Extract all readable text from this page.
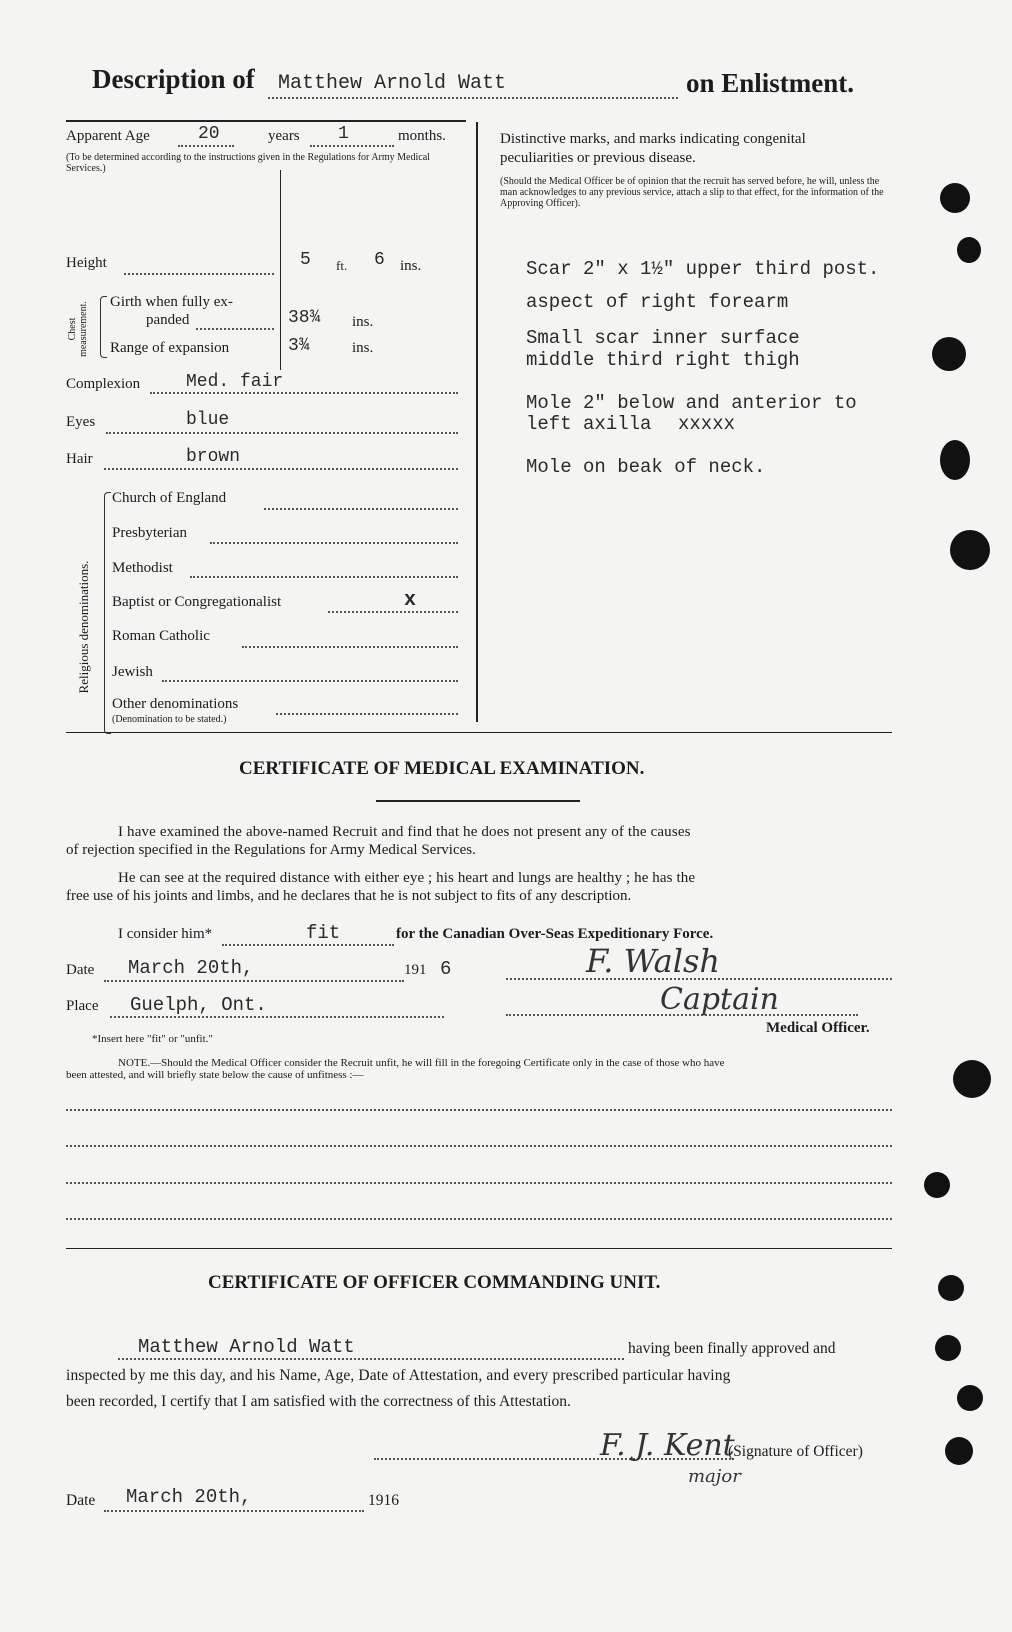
Description of Matthew Arnold Watt	on Enlistment.
Apparent Age	20	years 1	months.
(To be determined according to the instructions given in the Regulations for Army Medical Services.)
Height	5 ft. 6 ins.
Chest measurement. Girth when fully ex-
panded	38¾ ins.
Range of expansion	3¾	ins.
Complexion	Med. fair
Eyes	blue
Hair	brown
Religious denominations.
Church of England
Presbyterian
Methodist
Baptist or Congregationalist	x
Roman Catholic
Jewish
Other denominations
(Denomination to be stated.)
Distinctive marks, and marks indicating congenital
peculiarities or previous disease.
(Should the Medical Officer be of opinion that the recruit has served before, he will, unless the man acknowledges to any previous service, attach a slip to that effect, for the information of the Approving Officer).
Scar 2" x 1½" upper third post.
aspect of right forearm
Small scar inner surface
middle third right thigh
Mole 2" below and anterior to
left axilla xxxxx
Mole on beak of neck.
CERTIFICATE OF MEDICAL EXAMINATION.
I have examined the above-named Recruit and find that he does not present any of the causes
of rejection specified in the Regulations for Army Medical Services.
He can see at the required distance with either eye ; his heart and lungs are healthy ; he has the
free use of his joints and limbs, and he declares that he is not subject to fits of any description.
I consider him*	fit	for the Canadian Over-Seas Expeditionary Force.
Date March 20th,	191 6	F. Walsh
Place Guelph, Ont.	Captain
Medical Officer.
*Insert here "fit" or "unfit."
NOTE.—Should the Medical Officer consider the Recruit unfit, he will fill in the foregoing Certificate only in the case of those who have
been attested, and will briefly state below the cause of unfitness :—
CERTIFICATE OF OFFICER COMMANDING UNIT.
Matthew Arnold Watt	having been finally approved and
inspected by me this day, and his Name, Age, Date of Attestation, and every prescribed particular having
been recorded, I certify that I am satisfied with the correctness of this Attestation.
F. J. Kent
major
(Signature of Officer)
Date March 20th,	1916
